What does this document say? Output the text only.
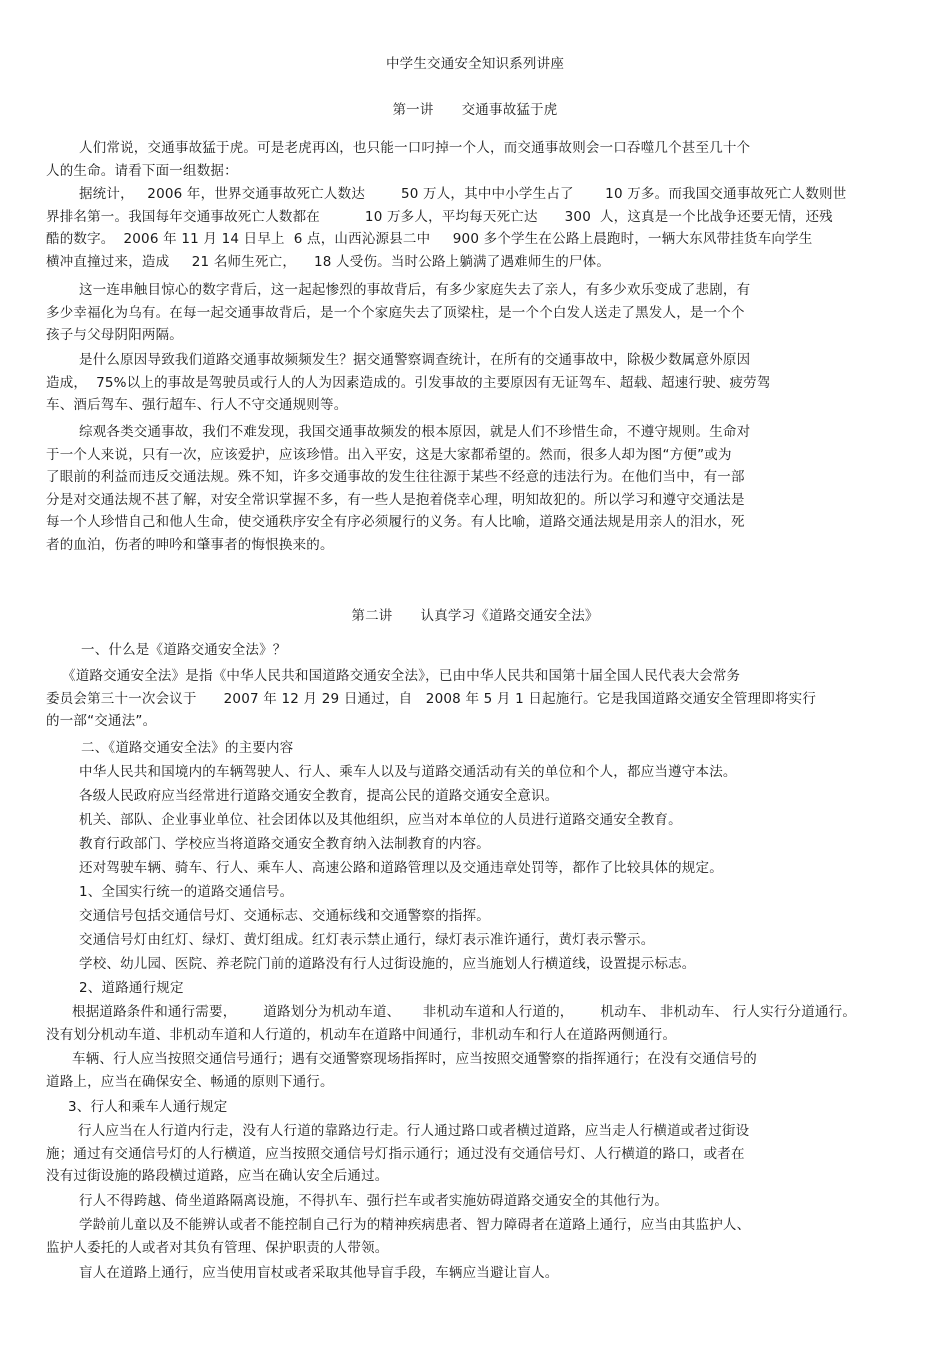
中学生交通安全知识系列讲座
第一讲 交通事故猛于虎
人们常说，交通事故猛于虎。可是老虎再凶，也只能一口叼掉一个人，而交通事故则会一口吞噬几个甚至几十个
人的生命。请看下面一组数据：
据统计，   2006 年，世界交通事故死亡人数达        50 万人，其中中小学生占了       10 万多。而我国交通事故死亡人数则世
界排名第一。我国每年交通事故死亡人数都在          10 万多人，平均每天死亡达      300  人，这真是一个比战争还要无情，还残
酷的数字。  2006 年 11 月 14 日早上  6 点，山西沁源县二中     900 多个学生在公路上晨跑时，一辆大东风带挂货车向学生
横冲直撞过来，造成     21 名师生死亡，    18 人受伤。当时公路上躺满了遇难师生的尸体。
这一连串触目惊心的数字背后，这一起起惨烈的事故背后，有多少家庭失去了亲人，有多少欢乐变成了悲剧，有
多少幸福化为乌有。在每一起交通事故背后，是一个个家庭失去了顶梁柱，是一个个白发人送走了黑发人，是一个个
孩子与父母阴阳两隔。
是什么原因导致我们道路交通事故频频发生？据交通警察调查统计，在所有的交通事故中，除极少数属意外原因
造成，  75%以上的事故是驾驶员或行人的人为因素造成的。引发事故的主要原因有无证驾车、超载、超速行驶、疲劳驾
车、酒后驾车、强行超车、行人不守交通规则等。
综观各类交通事故，我们不难发现，我国交通事故频发的根本原因，就是人们不珍惜生命，不遵守规则。生命对
于一个人来说，只有一次，应该爱护，应该珍惜。出入平安，这是大家都希望的。然而，很多人却为图“方便”或为
了眼前的利益而违反交通法规。殊不知，许多交通事故的发生往往源于某些不经意的违法行为。在他们当中，有一部
分是对交通法规不甚了解，对安全常识掌握不多，有一些人是抱着侥幸心理，明知故犯的。所以学习和遵守交通法是
每一个人珍惜自己和他人生命，使交通秩序安全有序必须履行的义务。有人比喻，道路交通法规是用亲人的泪水，死
者的血泊，伤者的呻吟和肇事者的悔恨换来的。
第二讲 认真学习《道路交通安全法》
一、什么是《道路交通安全法》？
《道路交通安全法》是指《中华人民共和国道路交通安全法》，已由中华人民共和国第十届全国人民代表大会常务
委员会第三十一次会议于      2007 年 12 月 29 日通过，自   2008 年 5 月 1 日起施行。它是我国道路交通安全管理即将实行
的一部“交通法”。
二、《道路交通安全法》的主要内容
中华人民共和国境内的车辆驾驶人、行人、乘车人以及与道路交通活动有关的单位和个人，都应当遵守本法。
各级人民政府应当经常进行道路交通安全教育，提高公民的道路交通安全意识。
机关、部队、企业事业单位、社会团体以及其他组织，应当对本单位的人员进行道路交通安全教育。
教育行政部门、学校应当将道路交通安全教育纳入法制教育的内容。
还对驾驶车辆、骑车、行人、乘车人、高速公路和道路管理以及交通违章处罚等，都作了比较具体的规定。
1、全国实行统一的道路交通信号。
交通信号包括交通信号灯、交通标志、交通标线和交通警察的指挥。
交通信号灯由红灯、绿灯、黄灯组成。红灯表示禁止通行，绿灯表示准许通行，黄灯表示警示。
学校、幼儿园、医院、养老院门前的道路没有行人过街设施的，应当施划人行横道线，设置提示标志。
2、道路通行规定
根据道路条件和通行需要，      道路划分为机动车道、     非机动车道和人行道的，      机动车、 非机动车、 行人实行分道通行。
没有划分机动车道、非机动车道和人行道的，机动车在道路中间通行，非机动车和行人在道路两侧通行。
车辆、行人应当按照交通信号通行；遇有交通警察现场指挥时，应当按照交通警察的指挥通行；在没有交通信号的
道路上，应当在确保安全、畅通的原则下通行。
3、行人和乘车人通行规定
行人应当在人行道内行走，没有人行道的靠路边行走。行人通过路口或者横过道路，应当走人行横道或者过街设
施；通过有交通信号灯的人行横道，应当按照交通信号灯指示通行；通过没有交通信号灯、人行横道的路口，或者在
没有过街设施的路段横过道路，应当在确认安全后通过。
行人不得跨越、倚坐道路隔离设施，不得扒车、强行拦车或者实施妨碍道路交通安全的其他行为。
学龄前儿童以及不能辨认或者不能控制自己行为的精神疾病患者、智力障碍者在道路上通行，应当由其监护人、
监护人委托的人或者对其负有管理、保护职责的人带领。
盲人在道路上通行，应当使用盲杖或者采取其他导盲手段，车辆应当避让盲人。
